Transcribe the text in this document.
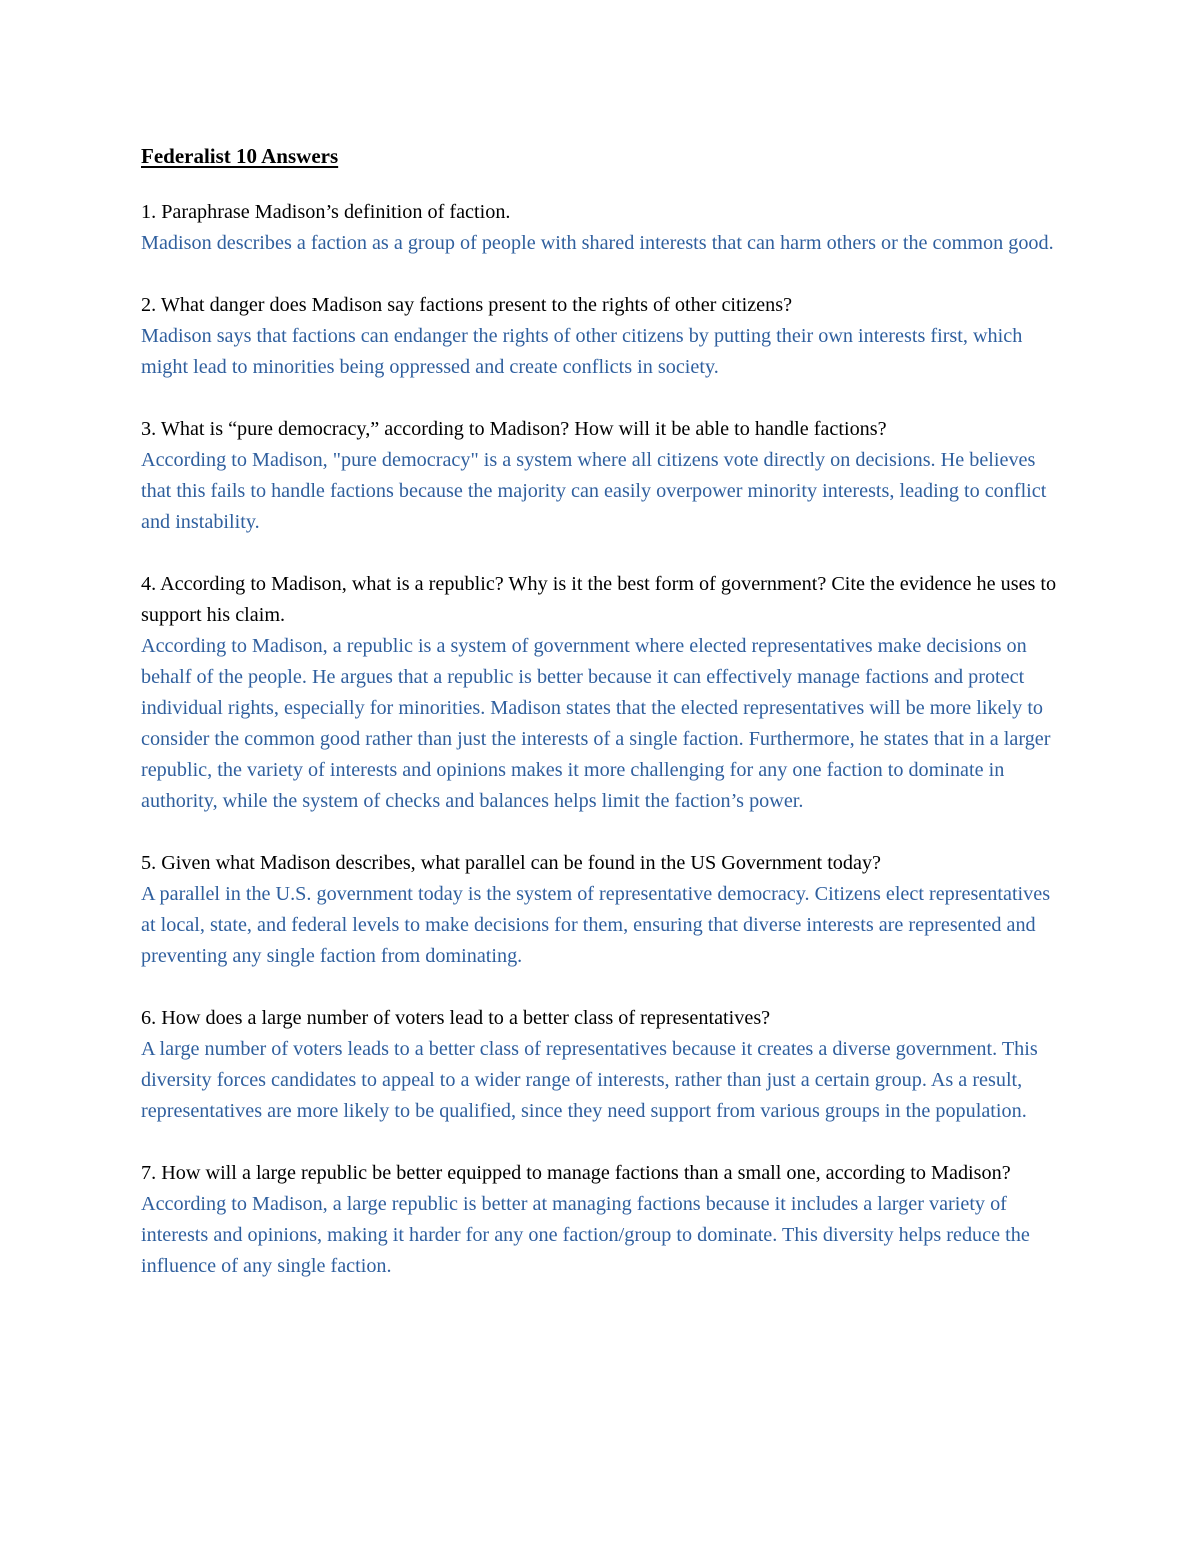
Federalist 10 Answers

1. Paraphrase Madison’s definition of faction.

Madison describes a faction as a group of people with shared interests that can harm others or the common good.

2. What danger does Madison say factions present to the rights of other citizens?

Madison says that factions can endanger the rights of other citizens by putting their own interests first, which might lead to minorities being oppressed and create conflicts in society.

3. What is “pure democracy,” according to Madison? How will it be able to handle factions?

According to Madison, "pure democracy" is a system where all citizens vote directly on decisions. He believes that this fails to handle factions because the majority can easily overpower minority interests, leading to conflict and instability.

4. According to Madison, what is a republic? Why is it the best form of government? Cite the evidence he uses to support his claim.

According to Madison, a republic is a system of government where elected representatives make decisions on behalf of the people. He argues that a republic is better because it can effectively manage factions and protect individual rights, especially for minorities. Madison states that the elected representatives will be more likely to consider the common good rather than just the interests of a single faction. Furthermore, he states that in a larger republic, the variety of interests and opinions makes it more challenging for any one faction to dominate in authority, while the system of checks and balances helps limit the faction’s power.

5. Given what Madison describes, what parallel can be found in the US Government today?

A parallel in the U.S. government today is the system of representative democracy. Citizens elect representatives at local, state, and federal levels to make decisions for them, ensuring that diverse interests are represented and preventing any single faction from dominating.

6. How does a large number of voters lead to a better class of representatives?

A large number of voters leads to a better class of representatives because it creates a diverse government. This diversity forces candidates to appeal to a wider range of interests, rather than just a certain group. As a result, representatives are more likely to be qualified, since they need support from various groups in the population.

7. How will a large republic be better equipped to manage factions than a small one, according to Madison?

According to Madison, a large republic is better at managing factions because it includes a larger variety of interests and opinions, making it harder for any one faction/group to dominate. This diversity helps reduce the influence of any single faction.
